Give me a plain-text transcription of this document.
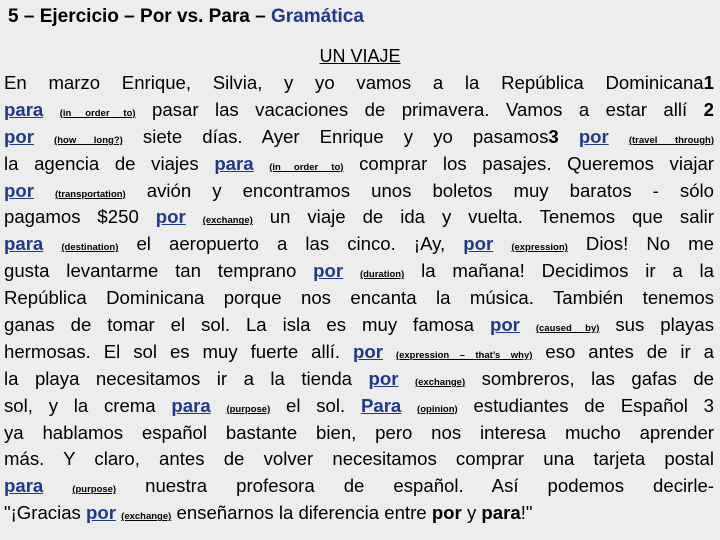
5 – Ejercicio – Por vs. Para – Gramática
UN VIAJE
En marzo Enrique, Silvia, y yo vamos a la República Dominicana1
para (in order to) pasar las vacaciones de primavera. Vamos a estar allí 2
por (how long?) siete días. Ayer Enrique y yo pasamos3 por (travel through)
la agencia de viajes para (in order to) comprar los pasajes. Queremos viajar
por (transportation) avión y encontramos unos boletos muy baratos - sólo
pagamos $250 por (exchange) un viaje de ida y vuelta. Tenemos que salir
para (destination) el aeropuerto a las cinco. ¡Ay, por (expression) Dios! No me
gusta levantarme tan temprano por (duration) la mañana! Decidimos ir a la
República Dominicana porque nos encanta la música. También tenemos
ganas de tomar el sol. La isla es muy famosa por (caused by) sus playas
hermosas. El sol es muy fuerte allí. por (expression – that’s why) eso antes de ir a
la playa necesitamos ir a la tienda por (exchange) sombreros, las gafas de
sol, y la crema para (purpose) el sol. Para (opinion) estudiantes de Español 3
ya hablamos español bastante bien, pero nos interesa mucho aprender
más. Y claro, antes de volver necesitamos comprar una tarjeta postal
para	(purpose) nuestra profesora de español. Así podemos decirle-
"¡Gracias por (exchange) enseñarnos la diferencia entre por y para!"
